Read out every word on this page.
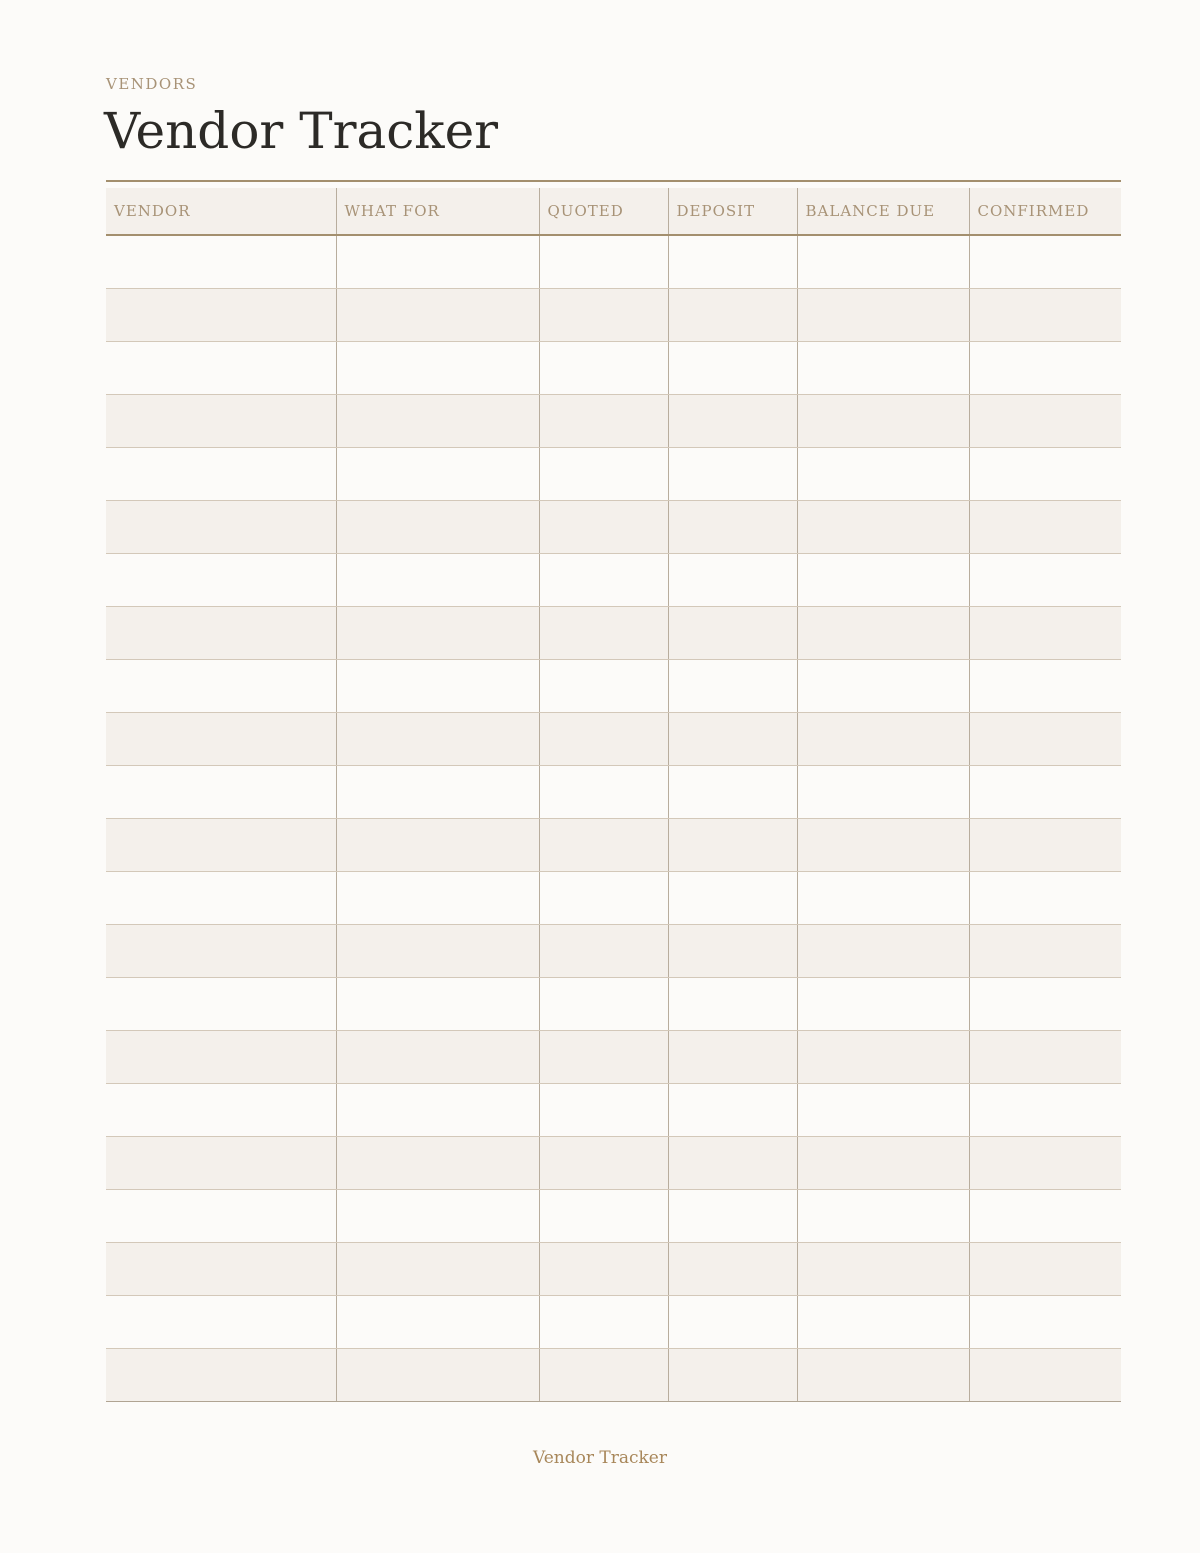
VENDORS
Vendor Tracker
VENDOR	WHAT FOR	QUOTED	DEPOSIT	BALANCE DUE	CONFIRMED

Vendor Tracker
